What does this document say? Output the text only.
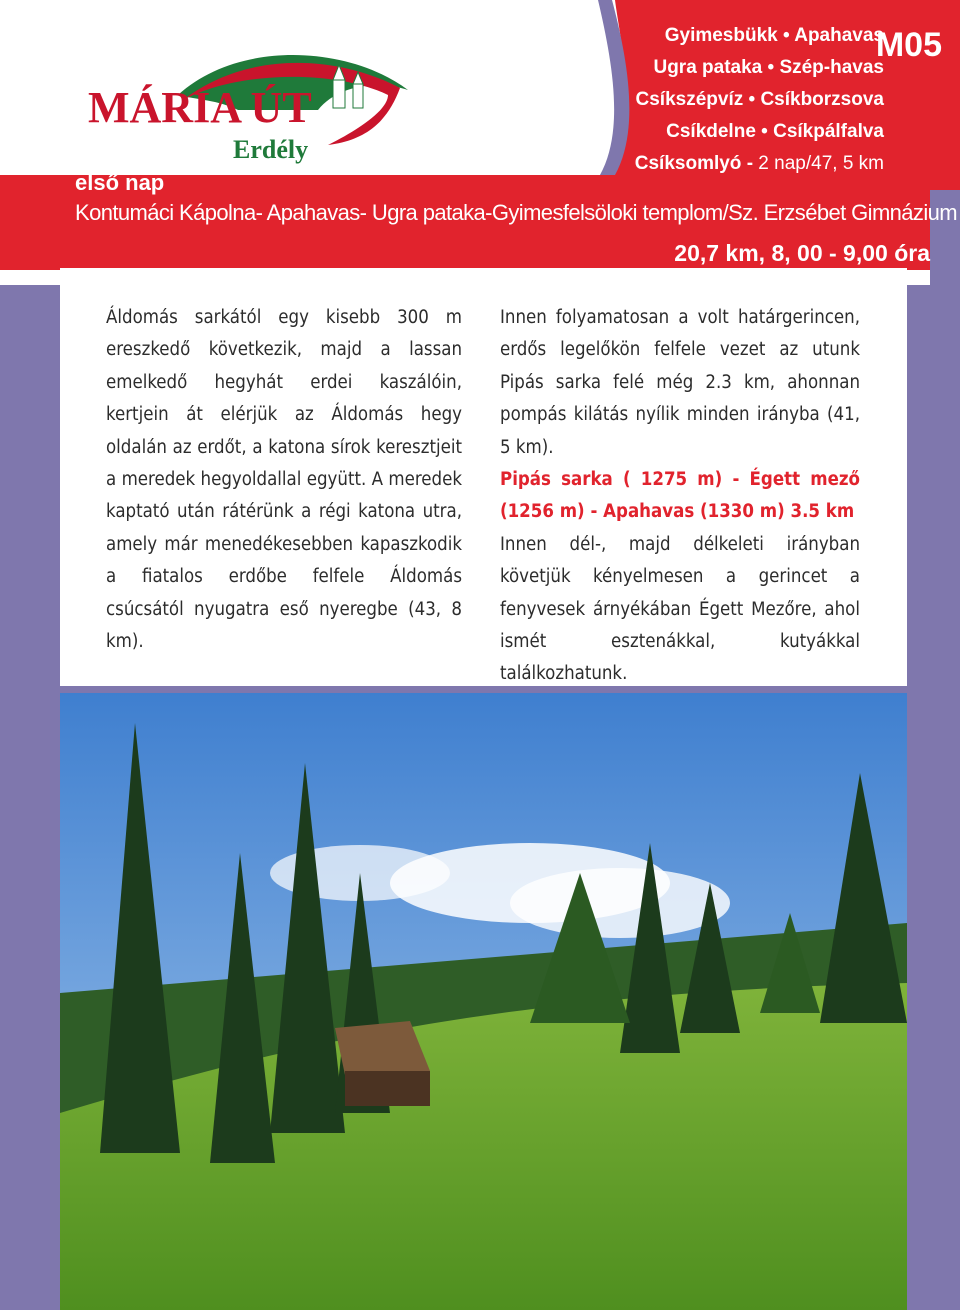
MÁRIA ÚT
Erdély
Gyimesbükk • Apahavas
Ugra pataka • Szép-havas
Csíkszépvíz • Csíkborzsova
Csíkdelne • Csíkpálfalva
Csíksomlyó - 2 nap/47, 5 km
M05
első nap
Kontumáci Kápolna- Apahavas- Ugra pataka-Gyimesfelsöloki templom/Sz. Erzsébet Gimnázium
20,7 km, 8, 00 - 9,00 óra

Áldomás sarkától egy kisebb 300 m ereszkedő következik, majd a lassan emelkedő hegyhát erdei kaszálóin, kertjein át elérjük az Áldomás hegy oldalán az erdőt, a katona sírok keresztjeit a meredek hegyoldallal együtt. A meredek kaptató után rátérünk a régi katona utra, amely már menedékesebben kapaszkodik a fiatalos erdőbe felfele Áldomás csúcsától nyugatra eső nyeregbe (43, 8 km).

Innen folyamatosan a volt határgerincen, erdős legelőkön felfele vezet az utunk Pipás sarka felé még 2.3 km, ahonnan pompás kilátás nyílik minden irányba (41, 5 km).

Pipás sarka ( 1275 m) - Égett mező (1256 m) - Apahavas (1330 m) 3.5 km

Innen dél-, majd délkeleti irányban követjük kényelmesen a gerincet a fenyvesek árnyékában Égett Mezőre, ahol ismét esztenákkal, kutyákkal találkozhatunk.
